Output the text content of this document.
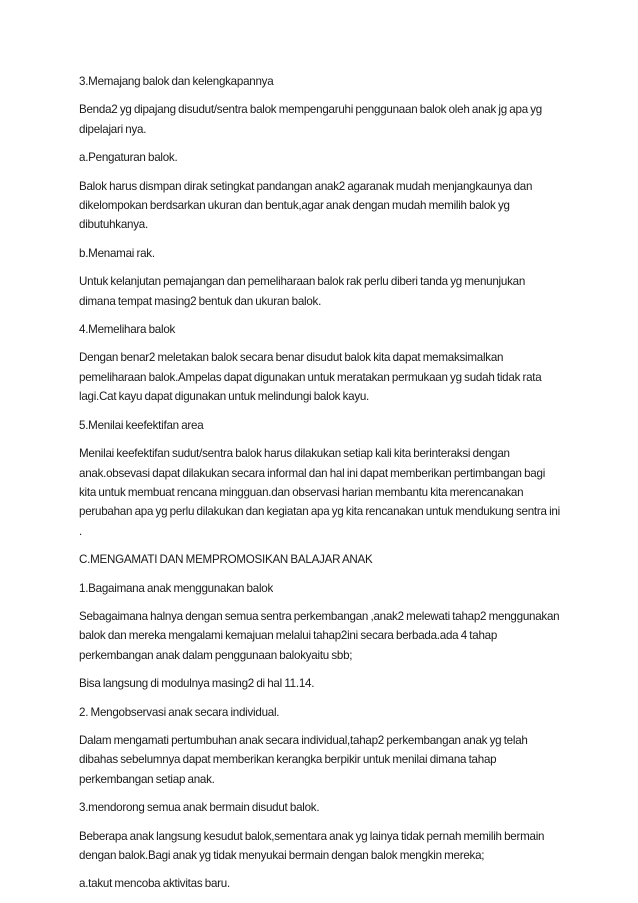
3.Memajang balok dan kelengkapannya

Benda2 yg dipajang disudut/sentra balok mempengaruhi penggunaan balok oleh anak jg apa yg dipelajari nya.

a.Pengaturan balok.

Balok harus dismpan dirak setingkat pandangan anak2 agaranak mudah menjangkaunya dan dikelompokan berdsarkan ukuran dan bentuk,agar anak dengan mudah memilih balok yg dibutuhkanya.

b.Menamai rak.

Untuk kelanjutan pemajangan dan pemeliharaan balok rak perlu diberi tanda yg menunjukan dimana tempat masing2 bentuk dan ukuran balok.

4.Memelihara balok

Dengan benar2 meletakan balok secara benar disudut balok kita dapat memaksimalkan pemeliharaan balok.Ampelas dapat digunakan untuk meratakan permukaan yg sudah tidak rata lagi.Cat kayu dapat digunakan untuk melindungi balok kayu.

5.Menilai keefektifan area

Menilai keefektifan sudut/sentra balok harus dilakukan setiap kali kita berinteraksi dengan anak.obsevasi dapat dilakukan secara informal dan hal ini dapat memberikan pertimbangan bagi kita untuk membuat rencana mingguan.dan observasi harian membantu kita merencanakan perubahan apa yg perlu dilakukan dan kegiatan apa yg kita rencanakan untuk mendukung sentra ini .

C.MENGAMATI DAN MEMPROMOSIKAN BALAJAR ANAK

1.Bagaimana anak menggunakan balok

Sebagaimana halnya dengan semua sentra perkembangan ,anak2 melewati tahap2 menggunakan balok dan mereka mengalami kemajuan melalui tahap2ini secara berbada.ada 4 tahap perkembangan anak dalam penggunaan balokyaitu sbb;

Bisa langsung di modulnya masing2 di hal 11.14.

2. Mengobservasi anak secara individual.

Dalam mengamati pertumbuhan anak secara individual,tahap2 perkembangan anak yg telah dibahas sebelumnya dapat memberikan kerangka berpikir untuk menilai dimana tahap perkembangan setiap anak.

3.mendorong semua anak bermain disudut balok.

Beberapa anak langsung kesudut balok,sementara anak yg lainya tidak pernah memilih bermain dengan balok.Bagi anak yg tidak menyukai bermain dengan balok mengkin mereka;

a.takut mencoba aktivitas baru.
